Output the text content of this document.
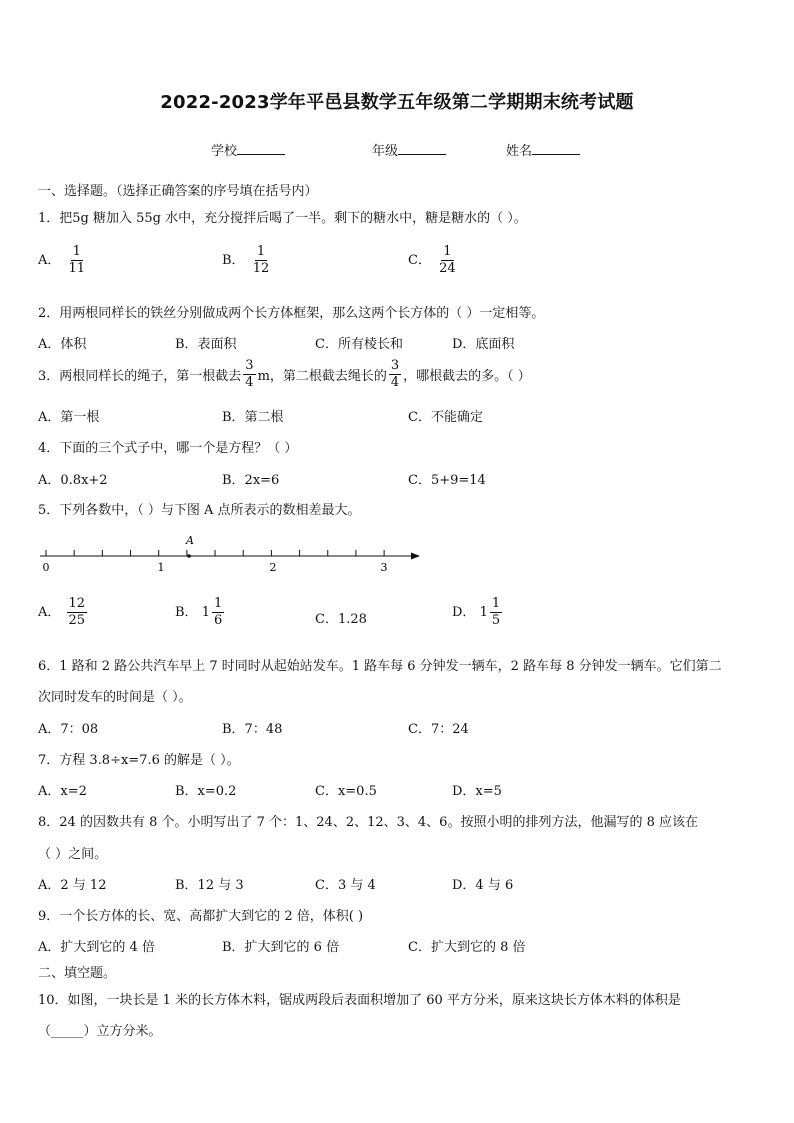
2022-2023学年平邑县数学五年级第二学期期末统考试题
学校	年级	姓名
一、选择题。（选择正确答案的序号填在括号内）
1．把5g 糖加入 55g 水中，充分搅拌后喝了一半。剩下的糖水中，糖是糖水的（ ）。
A． $\frac{1}{11}$	B． $\frac{1}{12}$	C． $\frac{1}{24}$
2．用两根同样长的铁丝分别做成两个长方体框架，那么这两个长方体的（ ）一定相等。
A．体积	B．表面积	C．所有棱长和	D．底面积
3．两根同样长的绳子，第一根截去 $\frac{3}{4}$ m，第二根截去绳长的 $\frac{3}{4}$ ，哪根截去的多。（ ）
A．第一根	B．第二根	C．不能确定
4．下面的三个式子中，哪一个是方程？（ ）
A．0.8x+2	B．2x=6	C．5+9=14
5．下列各数中，（ ）与下图 A 点所表示的数相差最大。
A
0	1	2	3
A． $\frac{12}{25}$	B． $1 \frac{1}{6}$	C．1.28	D． $1 \frac{1}{5}$
6．1 路和 2 路公共汽车早上 7 时同时从起始站发车。1 路车每 6 分钟发一辆车，2 路车每 8 分钟发一辆车。它们第二
次同时发车的时间是（ ）。
A．7：08	B．7：48	C．7：24
7．方程 3.8÷x=7.6 的解是（ ）。
A．x=2	B．x=0.2	C．x=0.5	D．x=5
8．24 的因数共有 8 个。小明写出了 7 个：1、24、2、12、3、4、6。按照小明的排列方法，他漏写的 8 应该在
（ ）之间。
A．2 与 12	B．12 与 3	C．3 与 4	D．4 与 6
9．一个长方体的长、宽、高都扩大到它的 2 倍，体积( )
A．扩大到它的 4 倍	B．扩大到它的 6 倍	C．扩大到它的 8 倍
二、填空题。
10．如图，一块长是 1 米的长方体木料，锯成两段后表面积增加了 60 平方分米，原来这块长方体木料的体积是
（_____）立方分米。
